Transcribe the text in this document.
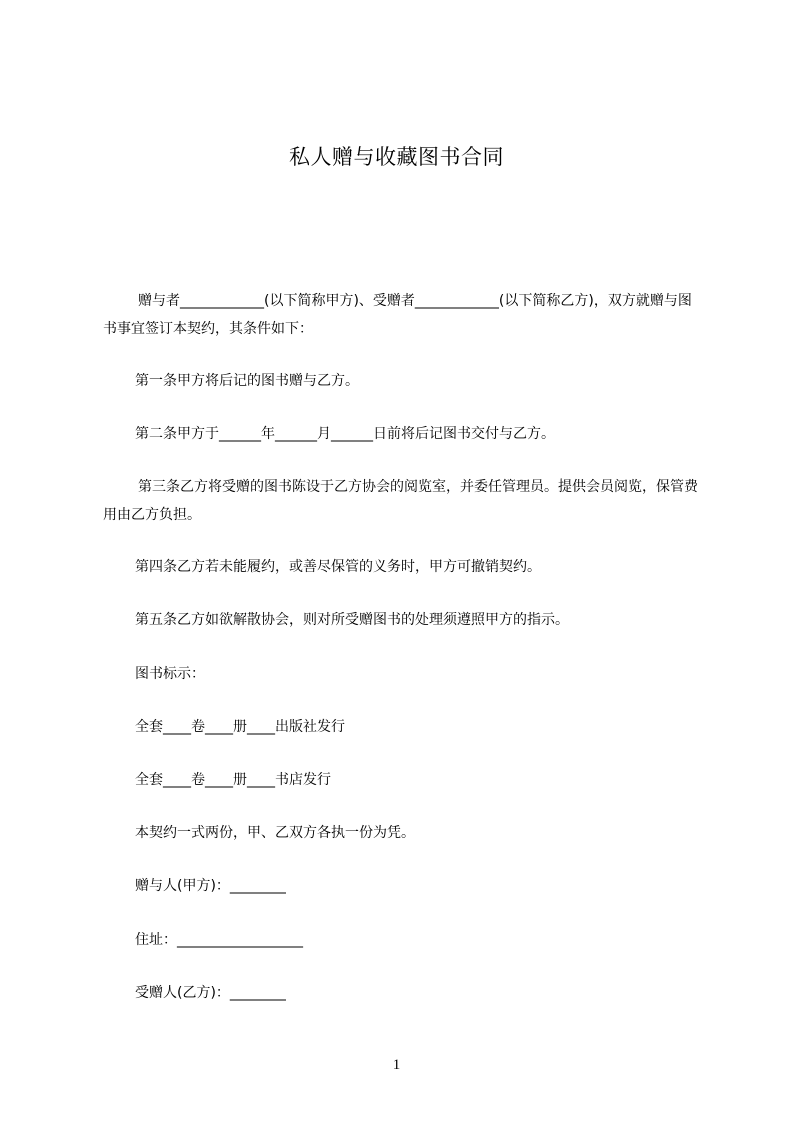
私人赠与收藏图书合同
赠与者____________(以下简称甲方)、受赠者____________(以下简称乙方)，双方就赠与图书事宜签订本契约，其条件如下：
第一条甲方将后记的图书赠与乙方。
第二条甲方于______年______月______日前将后记图书交付与乙方。
第三条乙方将受赠的图书陈设于乙方协会的阅览室，并委任管理员。提供会员阅览，保管费用由乙方负担。
第四条乙方若未能履约，或善尽保管的义务时，甲方可撤销契约。
第五条乙方如欲解散协会，则对所受赠图书的处理须遵照甲方的指示。
图书标示：
全套____卷____册____出版社发行
全套____卷____册____书店发行
本契约一式两份，甲、乙双方各执一份为凭。
赠与人(甲方)：________
住址：__________________
受赠人(乙方)：________
1
